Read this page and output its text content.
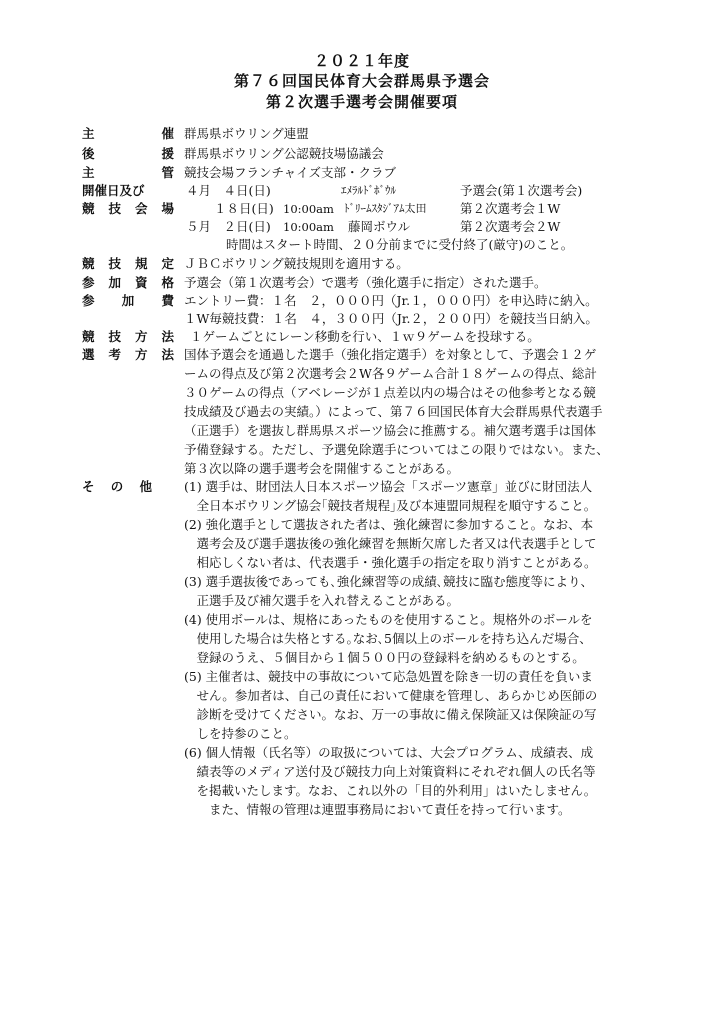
２０２１年度
第７６回国民体育大会群馬県予選会
第２次選手選考会開催要項
主	催 群馬県ボウリング連盟
後	援 群馬県ボウリング公認競技場協議会
主	管 競技会場フランチャイズ支部・クラブ
開催日及び
競 技 会 場
４月　４日(日)	ｴﾒﾗﾙﾄﾞﾎﾞｳﾙ	予選会(第１次選考会)
１８日(日) 10:00am ﾄﾞﾘｰﾑｽﾀｼﾞｱﾑ太田	第２次選考会１W
５月　２日(日) 10:00am 藤岡ボウル	第２次選考会２W
時間はスタート時間、２０分前までに受付終了(厳守)のこと。
競 技 規 定 ＪＢＣボウリング競技規則を適用する。
参 加 資 格 予選会（第１次選考会）で選考（強化選手に指定）された選手。
参 加 費 エントリー費：１名　２，０００円（Jr.１，０００円）を申込時に納入。
１W毎競技費：１名　４，３００円（Jr.２，２００円）を競技当日納入。
競 技 方 法 １ゲームごとにレーン移動を行い、１ｗ９ゲームを投球する。
選 考 方 法 国体予選会を通過した選手（強化指定選手）を対象として、予選会１２ゲ
ームの得点及び第２次選考会２W各９ゲーム合計１８ゲームの得点、総計
３０ゲームの得点（アベレージが１点差以内の場合はその他参考となる競
技成績及び過去の実績。）によって、第７６回国民体育大会群馬県代表選手
（正選手）を選抜し群馬県スポーツ協会に推薦する。補欠選考選手は国体
予備登録する。ただし、予選免除選手についてはこの限りではない。また、
第３次以降の選手選考会を開催することがある。
そ の 他	(1) 選手は、財団法人日本スポーツ協会「スポーツ憲章」並びに財団法人
　全日本ボウリング協会｢競技者規程｣及び本連盟同規程を順守すること。
(2) 強化選手として選抜された者は、強化練習に参加すること。なお、本
　選考会及び選手選抜後の強化練習を無断欠席した者又は代表選手として
　相応しくない者は、代表選手・強化選手の指定を取り消すことがある。
(3) 選手選抜後であっても､強化練習等の成績､競技に臨む態度等により、
　正選手及び補欠選手を入れ替えることがある。
(4) 使用ボールは、規格にあったものを使用すること。規格外のボールを
　使用した場合は失格とする｡なお､5個以上のボールを持ち込んだ場合、
　登録のうえ、５個目から１個５００円の登録料を納めるものとする。
(5) 主催者は、競技中の事故について応急処置を除き一切の責任を負いま
　せん。参加者は、自己の責任において健康を管理し、あらかじめ医師の
　診断を受けてください。なお、万一の事故に備え保険証又は保険証の写
　しを持参のこと。
(6) 個人情報（氏名等）の取扱については、大会プログラム、成績表、成
　績表等のメディア送付及び競技力向上対策資料にそれぞれ個人の氏名等
　を掲載いたします。なお、これ以外の「目的外利用」はいたしません。
　　また、情報の管理は連盟事務局において責任を持って行います。
